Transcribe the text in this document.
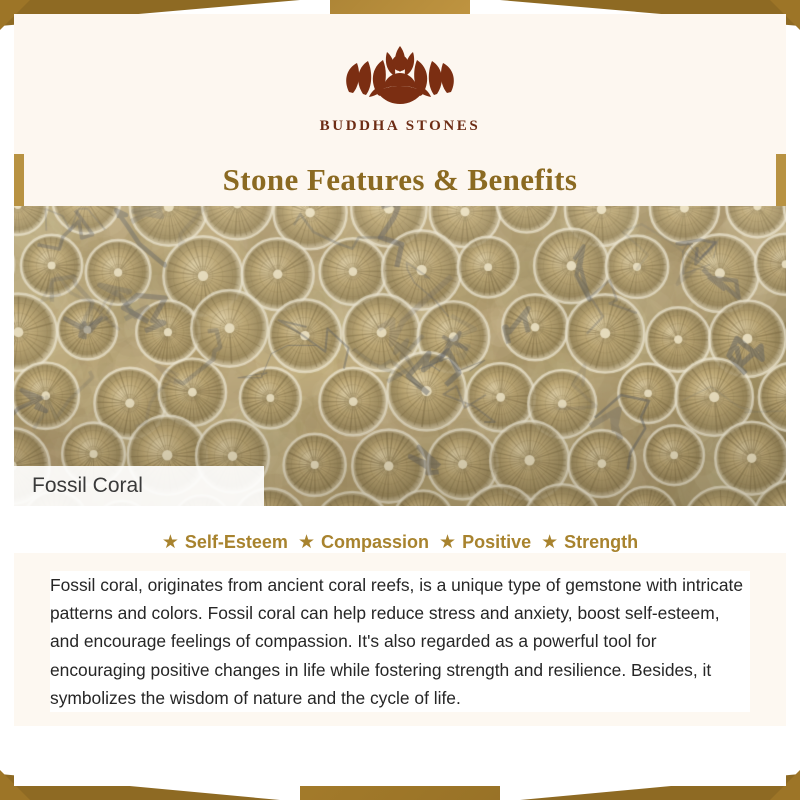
BUDDHA STONES
Stone Features & Benefits
Fossil Coral
★ Self-Esteem ★ Compassion ★ Positive ★ Strength

Fossil coral, originates from ancient coral reefs, is a unique type of gemstone with intricate patterns and colors. Fossil coral can help reduce stress and anxiety, boost self-esteem, and encourage feelings of compassion. It's also regarded as a powerful tool for encouraging positive changes in life while fostering strength and resilience. Besides, it symbolizes the wisdom of nature and the cycle of life.
